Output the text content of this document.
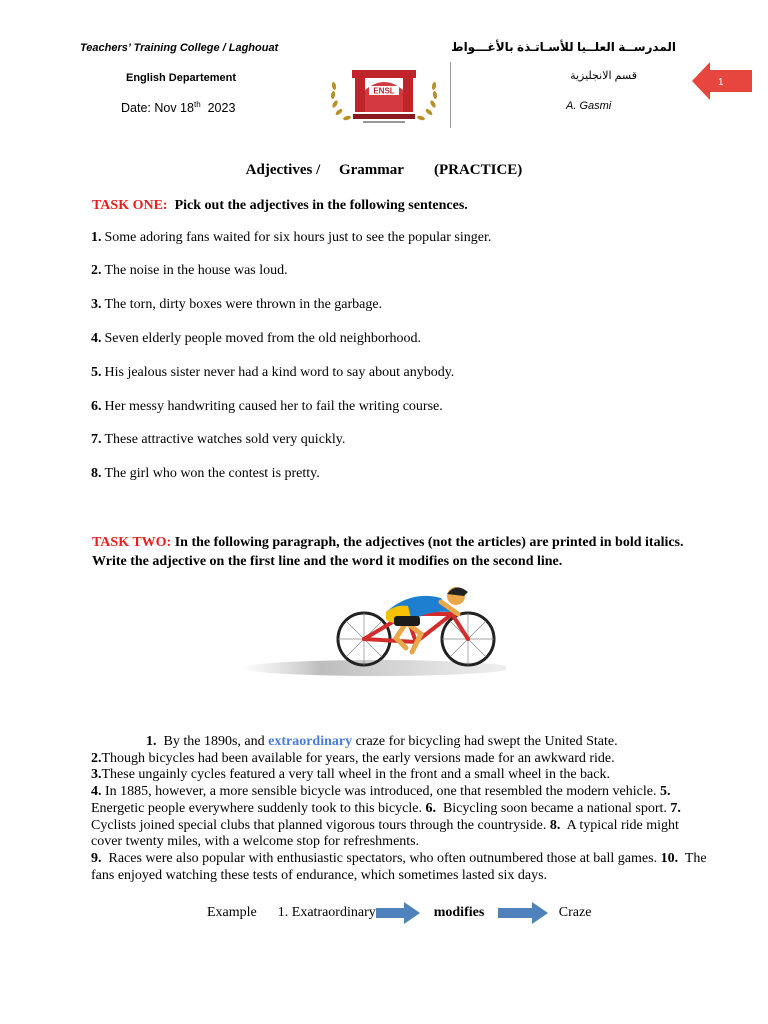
Teachers’ Training College / Laghouat	المدرســة العلــيا للأسـاتـذة بالأغـــواط
English Departement	قسم الانجليزية
Date: Nov 18th 2023	A. Gasmi
ENSL
1
Adjectives / Grammar (PRACTICE)
TASK ONE: Pick out the adjectives in the following sentences.
1. Some adoring fans waited for six hours just to see the popular singer.
2. The noise in the house was loud.
3. The torn, dirty boxes were thrown in the garbage.
4. Seven elderly people moved from the old neighborhood.
5. His jealous sister never had a kind word to say about anybody.
6. Her messy handwriting caused her to fail the writing course.
7. These attractive watches sold very quickly.
8. The girl who won the contest is pretty.
TASK TWO: In the following paragraph, the adjectives (not the articles) are printed in bold italics. Write the adjective on the first line and the word it modifies on the second line.
1. By the 1890s, and extraordinary craze for bicycling had swept the United State.
2.Though bicycles had been available for years, the early versions made for an awkward ride.
3.These ungainly cycles featured a very tall wheel in the front and a small wheel in the back.
4. In 1885, however, a more sensible bicycle was introduced, one that resembled the modern vehicle. 5.  Energetic people everywhere suddenly took to this bicycle. 6. Bicycling soon became a national sport. 7.  Cyclists joined special clubs that planned vigorous tours through the countryside. 8. A typical ride might cover twenty miles, with a welcome stop for refreshments.
9. Races were also popular with enthusiastic spectators, who often outnumbered those at ball games. 10. The fans enjoyed watching these tests of endurance, which sometimes lasted six days.
Example 1. Exatraordinary	modifies	Craze
